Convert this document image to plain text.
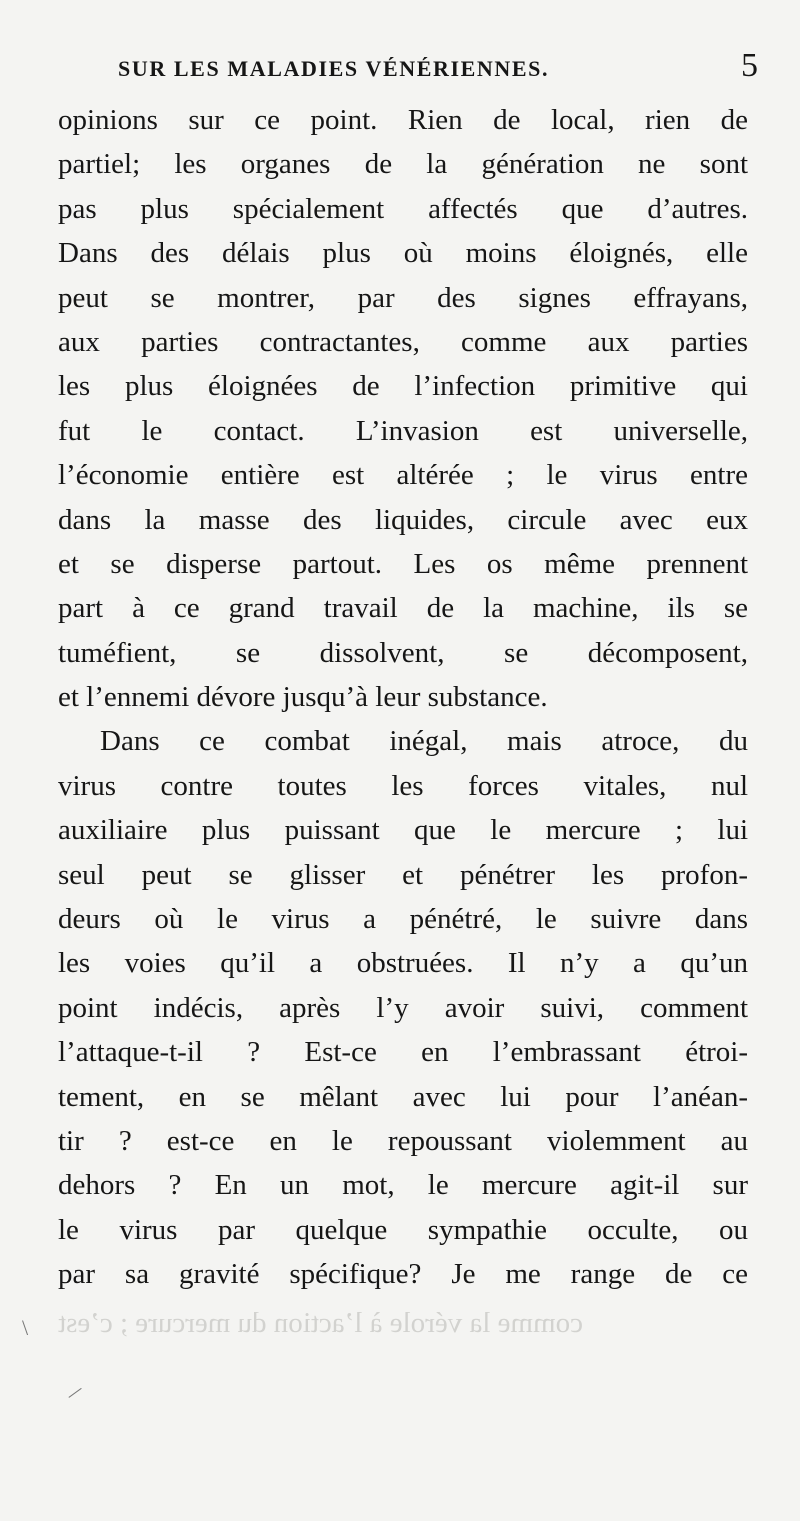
SUR LES MALADIES VÉNÉRIENNES.	5
opinions sur ce point. Rien de local, rien de
partiel; les organes de la génération ne sont
pas plus spécialement affectés que d’autres.
Dans des délais plus où moins éloignés, elle
peut se montrer, par des signes effrayans,
aux parties contractantes, comme aux parties
les plus éloignées de l’infection primitive qui
fut le contact. L’invasion est universelle,
l’économie entière est altérée ; le virus entre
dans la masse des liquides, circule avec eux
et se disperse partout. Les os même prennent
part à ce grand travail de la machine, ils se
tuméfient, se dissolvent, se décomposent,
et l’ennemi dévore jusqu’à leur substance.
Dans ce combat inégal, mais atroce, du
virus contre toutes les forces vitales, nul
auxiliaire plus puissant que le mercure ; lui
seul peut se glisser et pénétrer les profon-
deurs où le virus a pénétré, le suivre dans
les voies qu’il a obstruées. Il n’y a qu’un
point indécis, après l’y avoir suivi, comment
l’attaque-t-il ? Est-ce en l’embrassant étroi-
tement, en se mêlant avec lui pour l’anéan-
tir ? est-ce en le repoussant violemment au
dehors ? En un mot, le mercure agit-il sur
le virus par quelque sympathie occulte, ou
par sa gravité spécifique? Je me range de ce
comme la vérole à l’action du mercure ; c’est
\
/
